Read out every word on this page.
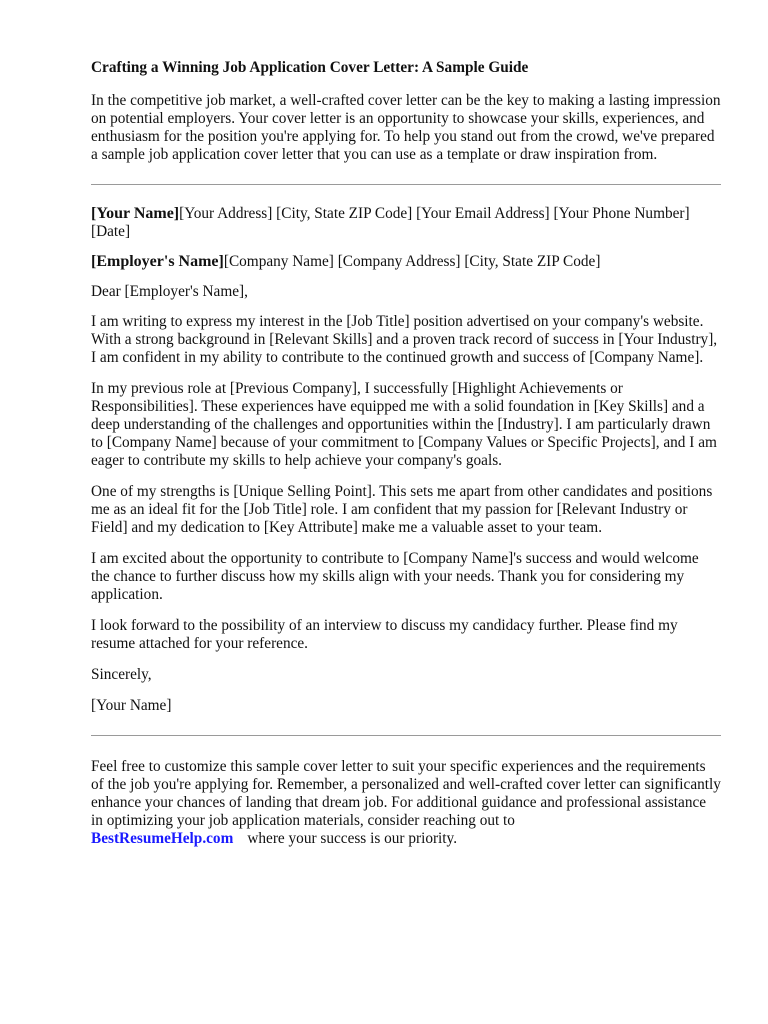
Crafting a Winning Job Application Cover Letter: A Sample Guide

In the competitive job market, a well-crafted cover letter can be the key to making a lasting impression on potential employers. Your cover letter is an opportunity to showcase your skills, experiences, and enthusiasm for the position you're applying for. To help you stand out from the crowd, we've prepared a sample job application cover letter that you can use as a template or draw inspiration from.

[Your Name][Your Address] [City, State ZIP Code] [Your Email Address] [Your Phone Number] [Date]

[Employer's Name][Company Name] [Company Address] [City, State ZIP Code]

Dear [Employer's Name],

I am writing to express my interest in the [Job Title] position advertised on your company's website. With a strong background in [Relevant Skills] and a proven track record of success in [Your Industry], I am confident in my ability to contribute to the continued growth and success of [Company Name].

In my previous role at [Previous Company], I successfully [Highlight Achievements or Responsibilities]. These experiences have equipped me with a solid foundation in [Key Skills] and a deep understanding of the challenges and opportunities within the [Industry]. I am particularly drawn to [Company Name] because of your commitment to [Company Values or Specific Projects], and I am eager to contribute my skills to help achieve your company's goals.

One of my strengths is [Unique Selling Point]. This sets me apart from other candidates and positions me as an ideal fit for the [Job Title] role. I am confident that my passion for [Relevant Industry or Field] and my dedication to [Key Attribute] make me a valuable asset to your team.

I am excited about the opportunity to contribute to [Company Name]'s success and would welcome the chance to further discuss how my skills align with your needs. Thank you for considering my application.

I look forward to the possibility of an interview to discuss my candidacy further. Please find my resume attached for your reference.

Sincerely,

[Your Name]

Feel free to customize this sample cover letter to suit your specific experiences and the requirements of the job you're applying for. Remember, a personalized and well-crafted cover letter can significantly enhance your chances of landing that dream job. For additional guidance and professional assistance in optimizing your job application materials, consider reaching out to
BestResumeHelp.com where your success is our priority.
